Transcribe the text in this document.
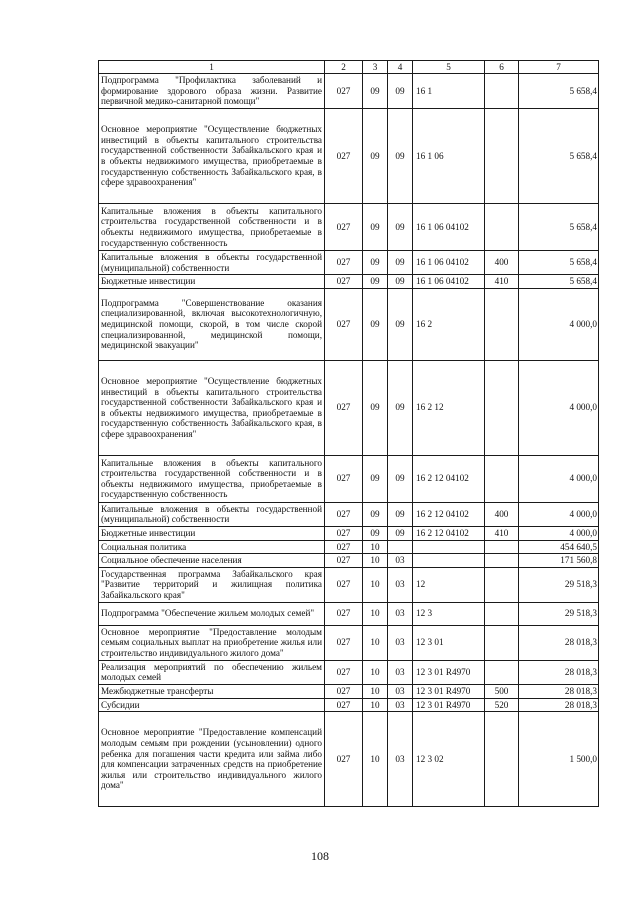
1	2	3	4	5	6	7
Подпрограмма "Профилактика заболеваний и формирование здорового образа жизни. Развитие первичной медико-санитарной помощи"	027	09	09	16 1		5 658,4
Основное мероприятие "Осуществление бюджетных инвестиций в объекты капитального строительства государственной собственности Забайкальского края и в объекты недвижимого имущества, приобретаемые в государственную собственность Забайкальского края, в сфере здравоохранения"	027	09	09	16 1 06		5 658,4
Капитальные вложения в объекты капитального строительства государственной собственности и в объекты недвижимого имущества, приобретаемые в государственную собственность	027	09	09	16 1 06 04102		5 658,4
Капитальные вложения в объекты государственной (муниципальной) собственности	027	09	09	16 1 06 04102	400	5 658,4
Бюджетные инвестиции	027	09	09	16 1 06 04102	410	5 658,4
Подпрограмма "Совершенствование оказания специализированной, включая высокотехнологичную, медицинской помощи, скорой, в том числе скорой специализированной, медицинской помощи, медицинской эвакуации"	027	09	09	16 2		4 000,0
Основное мероприятие "Осуществление бюджетных инвестиций в объекты капитального строительства государственной собственности Забайкальского края и в объекты недвижимого имущества, приобретаемые в государственную собственность Забайкальского края, в сфере здравоохранения"	027	09	09	16 2 12		4 000,0
Капитальные вложения в объекты капитального строительства государственной собственности и в объекты недвижимого имущества, приобретаемые в государственную собственность	027	09	09	16 2 12 04102		4 000,0
Капитальные вложения в объекты государственной (муниципальной) собственности	027	09	09	16 2 12 04102	400	4 000,0
Бюджетные инвестиции	027	09	09	16 2 12 04102	410	4 000,0
Социальная политика	027	10				454 640,5
Социальное обеспечение населения	027	10	03			171 560,8
Государственная программа Забайкальского края "Развитие территорий и жилищная политика Забайкальского края"	027	10	03	12		29 518,3
Подпрограмма "Обеспечение жильем молодых семей"	027	10	03	12 3		29 518,3
Основное мероприятие "Предоставление молодым семьям социальных выплат на приобретение жилья или строительство индивидуального жилого дома"	027	10	03	12 3 01		28 018,3
Реализация мероприятий по обеспечению жильем молодых семей	027	10	03	12 3 01 R4970		28 018,3
Межбюджетные трансферты	027	10	03	12 3 01 R4970	500	28 018,3
Субсидии	027	10	03	12 3 01 R4970	520	28 018,3
Основное мероприятие "Предоставление компенсаций молодым семьям при рождении (усыновлении) одного ребенка для погашения части кредита или займа либо для компенсации затраченных средств на приобретение жилья или строительство индивидуального жилого дома"	027	10	03	12 3 02		1 500,0
108
